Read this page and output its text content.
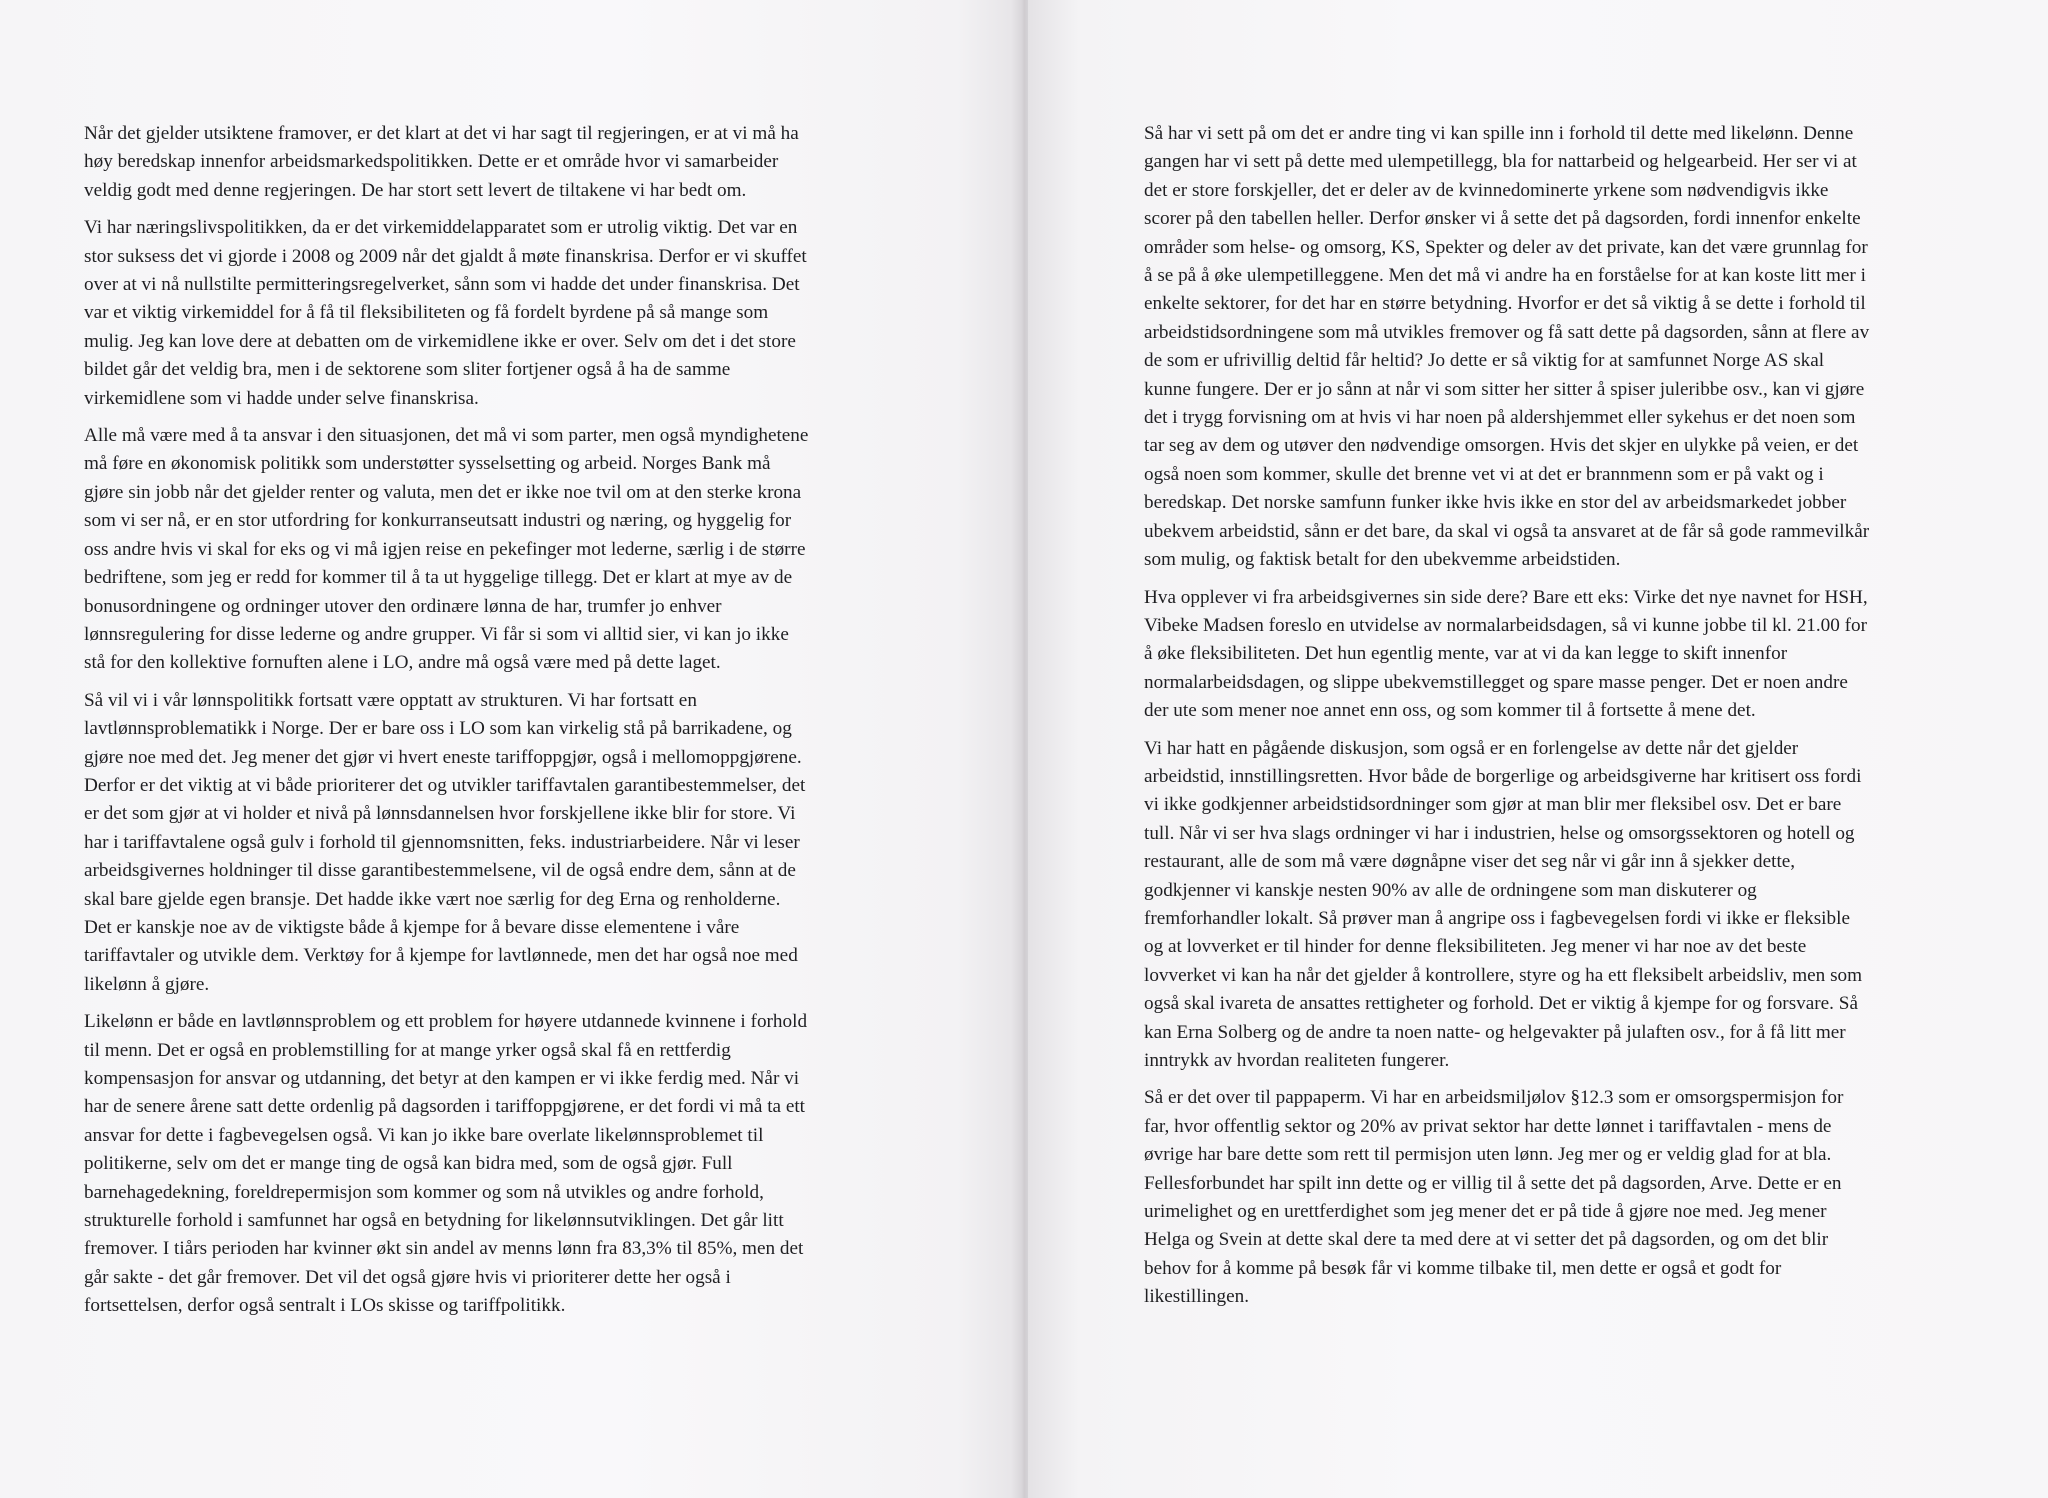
Når det gjelder utsiktene framover, er det klart at det vi har sagt til regjeringen, er at vi må ha
høy beredskap innenfor arbeidsmarkedspolitikken. Dette er et område hvor vi samarbeider
veldig godt med denne regjeringen. De har stort sett levert de tiltakene vi har bedt om.
Vi har næringslivspolitikken, da er det virkemiddelapparatet som er utrolig viktig. Det var en
stor suksess det vi gjorde i 2008 og 2009 når det gjaldt å møte finanskrisa. Derfor er vi skuffet
over at vi nå nullstilte permitteringsregelverket, sånn som vi hadde det under finanskrisa. Det
var et viktig virkemiddel for å få til fleksibiliteten og få fordelt byrdene på så mange som
mulig. Jeg kan love dere at debatten om de virkemidlene ikke er over. Selv om det i det store
bildet går det veldig bra, men i de sektorene som sliter fortjener også å ha de samme
virkemidlene som vi hadde under selve finanskrisa.
Alle må være med å ta ansvar i den situasjonen, det må vi som parter, men også myndighetene
må føre en økonomisk politikk som understøtter sysselsetting og arbeid. Norges Bank må
gjøre sin jobb når det gjelder renter og valuta, men det er ikke noe tvil om at den sterke krona
som vi ser nå, er en stor utfordring for konkurranseutsatt industri og næring, og hyggelig for
oss andre hvis vi skal for eks og vi må igjen reise en pekefinger mot lederne, særlig i de større
bedriftene, som jeg er redd for kommer til å ta ut hyggelige tillegg. Det er klart at mye av de
bonusordningene og ordninger utover den ordinære lønna de har, trumfer jo enhver
lønnsregulering for disse lederne og andre grupper. Vi får si som vi alltid sier, vi kan jo ikke
stå for den kollektive fornuften alene i LO, andre må også være med på dette laget.
Så vil vi i vår lønnspolitikk fortsatt være opptatt av strukturen. Vi har fortsatt en
lavtlønnsproblematikk i Norge. Der er bare oss i LO som kan virkelig stå på barrikadene, og
gjøre noe med det. Jeg mener det gjør vi hvert eneste tariffoppgjør, også i mellomoppgjørene.
Derfor er det viktig at vi både prioriterer det og utvikler tariffavtalen garantibestemmelser, det
er det som gjør at vi holder et nivå på lønnsdannelsen hvor forskjellene ikke blir for store. Vi
har i tariffavtalene også gulv i forhold til gjennomsnitten, feks. industriarbeidere. Når vi leser
arbeidsgivernes holdninger til disse garantibestemmelsene, vil de også endre dem, sånn at de
skal bare gjelde egen bransje. Det hadde ikke vært noe særlig for deg Erna og renholderne.
Det er kanskje noe av de viktigste både å kjempe for å bevare disse elementene i våre
tariffavtaler og utvikle dem. Verktøy for å kjempe for lavtlønnede, men det har også noe med
likelønn å gjøre.
Likelønn er både en lavtlønnsproblem og ett problem for høyere utdannede kvinnene i forhold
til menn. Det er også en problemstilling for at mange yrker også skal få en rettferdig
kompensasjon for ansvar og utdanning, det betyr at den kampen er vi ikke ferdig med. Når vi
har de senere årene satt dette ordenlig på dagsorden i tariffoppgjørene, er det fordi vi må ta ett
ansvar for dette i fagbevegelsen også. Vi kan jo ikke bare overlate likelønnsproblemet til
politikerne, selv om det er mange ting de også kan bidra med, som de også gjør. Full
barnehagedekning, foreldrepermisjon som kommer og som nå utvikles og andre forhold,
strukturelle forhold i samfunnet har også en betydning for likelønnsutviklingen. Det går litt
fremover. I tiårs perioden har kvinner økt sin andel av menns lønn fra 83,3% til 85%, men det
går sakte - det går fremover. Det vil det også gjøre hvis vi prioriterer dette her også i
fortsettelsen, derfor også sentralt i LOs skisse og tariffpolitikk.
Så har vi sett på om det er andre ting vi kan spille inn i forhold til dette med likelønn. Denne
gangen har vi sett på dette med ulempetillegg, bla for nattarbeid og helgearbeid. Her ser vi at
det er store forskjeller, det er deler av de kvinnedominerte yrkene som nødvendigvis ikke
scorer på den tabellen heller. Derfor ønsker vi å sette det på dagsorden, fordi innenfor enkelte
områder som helse- og omsorg, KS, Spekter og deler av det private, kan det være grunnlag for
å se på å øke ulempetilleggene. Men det må vi andre ha en forståelse for at kan koste litt mer i
enkelte sektorer, for det har en større betydning. Hvorfor er det så viktig å se dette i forhold til
arbeidstidsordningene som må utvikles fremover og få satt dette på dagsorden, sånn at flere av
de som er ufrivillig deltid får heltid? Jo dette er så viktig for at samfunnet Norge AS skal
kunne fungere. Der er jo sånn at når vi som sitter her sitter å spiser juleribbe osv., kan vi gjøre
det i trygg forvisning om at hvis vi har noen på aldershjemmet eller sykehus er det noen som
tar seg av dem og utøver den nødvendige omsorgen. Hvis det skjer en ulykke på veien, er det
også noen som kommer, skulle det brenne vet vi at det er brannmenn som er på vakt og i
beredskap. Det norske samfunn funker ikke hvis ikke en stor del av arbeidsmarkedet jobber
ubekvem arbeidstid, sånn er det bare, da skal vi også ta ansvaret at de får så gode rammevilkår
som mulig, og faktisk betalt for den ubekvemme arbeidstiden.
Hva opplever vi fra arbeidsgivernes sin side dere? Bare ett eks: Virke det nye navnet for HSH,
Vibeke Madsen foreslo en utvidelse av normalarbeidsdagen, så vi kunne jobbe til kl. 21.00 for
å øke fleksibiliteten. Det hun egentlig mente, var at vi da kan legge to skift innenfor
normalarbeidsdagen, og slippe ubekvemstillegget og spare masse penger. Det er noen andre
der ute som mener noe annet enn oss, og som kommer til å fortsette å mene det.
Vi har hatt en pågående diskusjon, som også er en forlengelse av dette når det gjelder
arbeidstid, innstillingsretten. Hvor både de borgerlige og arbeidsgiverne har kritisert oss fordi
vi ikke godkjenner arbeidstidsordninger som gjør at man blir mer fleksibel osv. Det er bare
tull. Når vi ser hva slags ordninger vi har i industrien, helse og omsorgssektoren og hotell og
restaurant, alle de som må være døgnåpne viser det seg når vi går inn å sjekker dette,
godkjenner vi kanskje nesten 90% av alle de ordningene som man diskuterer og
fremforhandler lokalt. Så prøver man å angripe oss i fagbevegelsen fordi vi ikke er fleksible
og at lovverket er til hinder for denne fleksibiliteten. Jeg mener vi har noe av det beste
lovverket vi kan ha når det gjelder å kontrollere, styre og ha ett fleksibelt arbeidsliv, men som
også skal ivareta de ansattes rettigheter og forhold. Det er viktig å kjempe for og forsvare. Så
kan Erna Solberg og de andre ta noen natte- og helgevakter på julaften osv., for å få litt mer
inntrykk av hvordan realiteten fungerer.
Så er det over til pappaperm. Vi har en arbeidsmiljølov §12.3 som er omsorgspermisjon for
far, hvor offentlig sektor og 20% av privat sektor har dette lønnet i tariffavtalen - mens de
øvrige har bare dette som rett til permisjon uten lønn. Jeg mer og er veldig glad for at bla.
Fellesforbundet har spilt inn dette og er villig til å sette det på dagsorden, Arve. Dette er en
urimelighet og en urettferdighet som jeg mener det er på tide å gjøre noe med. Jeg mener
Helga og Svein at dette skal dere ta med dere at vi setter det på dagsorden, og om det blir
behov for å komme på besøk får vi komme tilbake til, men dette er også et godt for
likestillingen.
